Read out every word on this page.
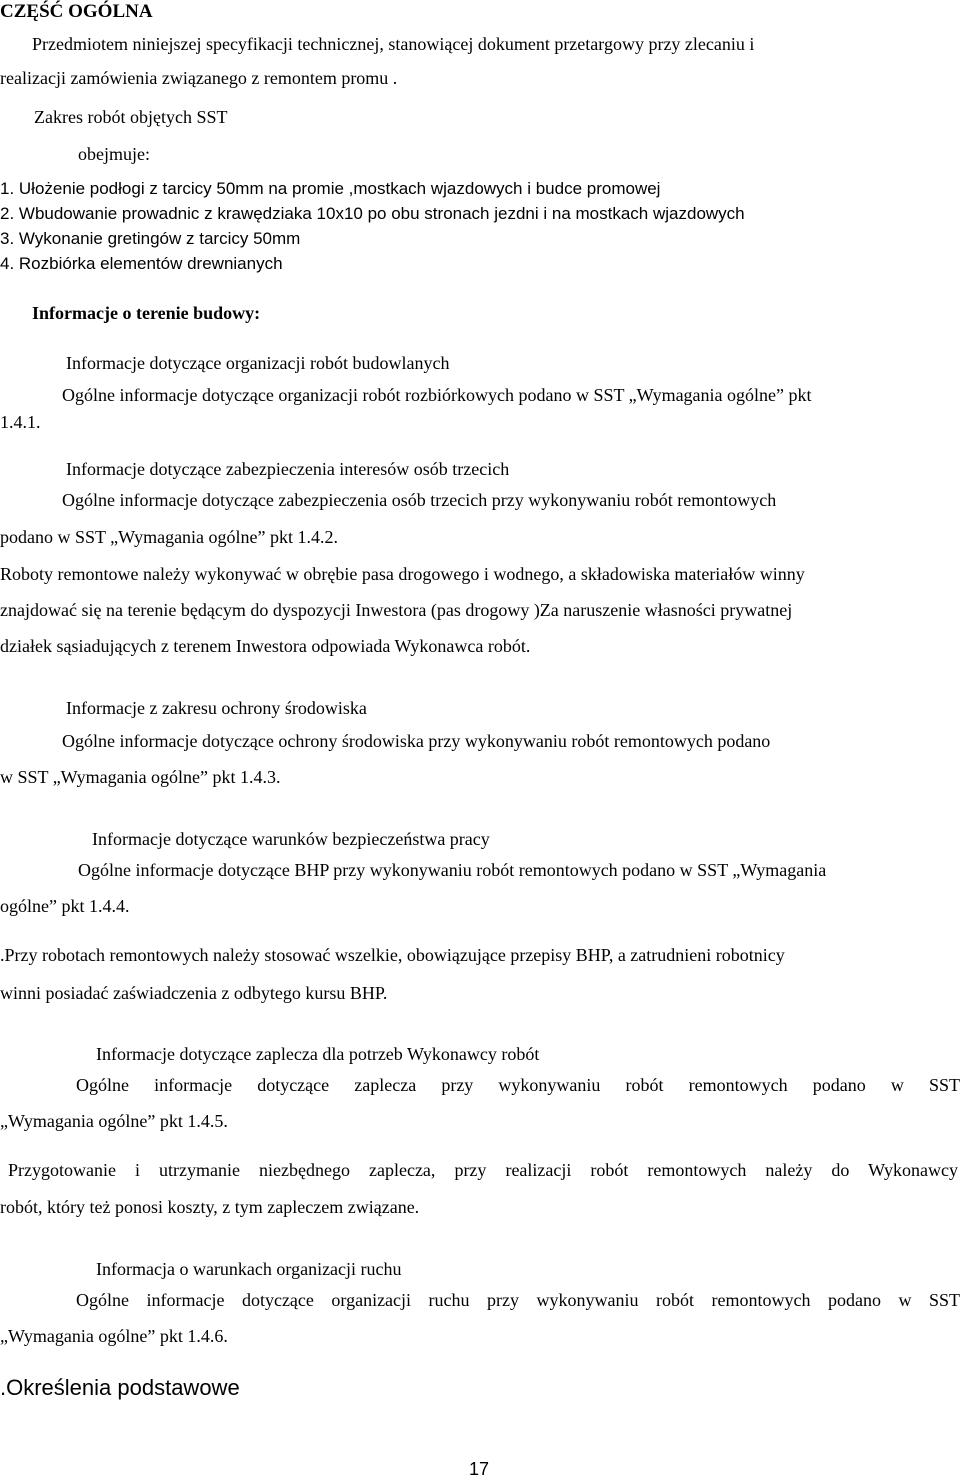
CZĘŚĆ OGÓLNA
Przedmiotem niniejszej specyfikacji technicznej, stanowiącej dokument przetargowy przy zlecaniu i
realizacji zamówienia związanego z remontem promu .
Zakres robót objętych SST
obejmuje:
1. Ułożenie podłogi z tarcicy 50mm na promie ,mostkach wjazdowych i budce promowej
2. Wbudowanie prowadnic z krawędziaka 10x10 po obu stronach jezdni i na mostkach wjazdowych
3. Wykonanie gretingów z tarcicy 50mm
4. Rozbiórka elementów drewnianych
Informacje o terenie budowy:
Informacje dotyczące organizacji robót budowlanych
Ogólne informacje dotyczące organizacji robót rozbiórkowych podano w SST „Wymagania ogólne” pkt
1.4.1.
Informacje dotyczące zabezpieczenia interesów osób trzecich
Ogólne informacje dotyczące zabezpieczenia osób trzecich przy wykonywaniu robót remontowych
podano w SST „Wymagania ogólne” pkt 1.4.2.
Roboty remontowe należy wykonywać w obrębie pasa drogowego i wodnego, a składowiska materiałów winny
znajdować się na terenie będącym do dyspozycji Inwestora (pas drogowy )Za naruszenie własności prywatnej
działek sąsiadujących z terenem Inwestora odpowiada Wykonawca robót.
Informacje z zakresu ochrony środowiska
Ogólne informacje dotyczące ochrony środowiska przy wykonywaniu robót remontowych podano
w SST „Wymagania ogólne” pkt 1.4.3.
Informacje dotyczące warunków bezpieczeństwa pracy
Ogólne informacje dotyczące BHP przy wykonywaniu robót remontowych podano w SST „Wymagania
ogólne” pkt 1.4.4.
.Przy robotach remontowych należy stosować wszelkie, obowiązujące przepisy BHP, a zatrudnieni robotnicy
winni posiadać zaświadczenia z odbytego kursu BHP.
Informacje dotyczące zaplecza dla potrzeb Wykonawcy robót
Ogólne informacje dotyczące zaplecza przy wykonywaniu robót remontowych podano w SST
„Wymagania ogólne” pkt 1.4.5.
Przygotowanie i utrzymanie niezbędnego zaplecza, przy realizacji robót remontowych należy do Wykonawcy
robót, który też ponosi koszty, z tym zapleczem związane.
Informacja o warunkach organizacji ruchu
Ogólne informacje dotyczące organizacji ruchu przy wykonywaniu robót remontowych podano w SST
„Wymagania ogólne” pkt 1.4.6.
.Określenia podstawowe
17
